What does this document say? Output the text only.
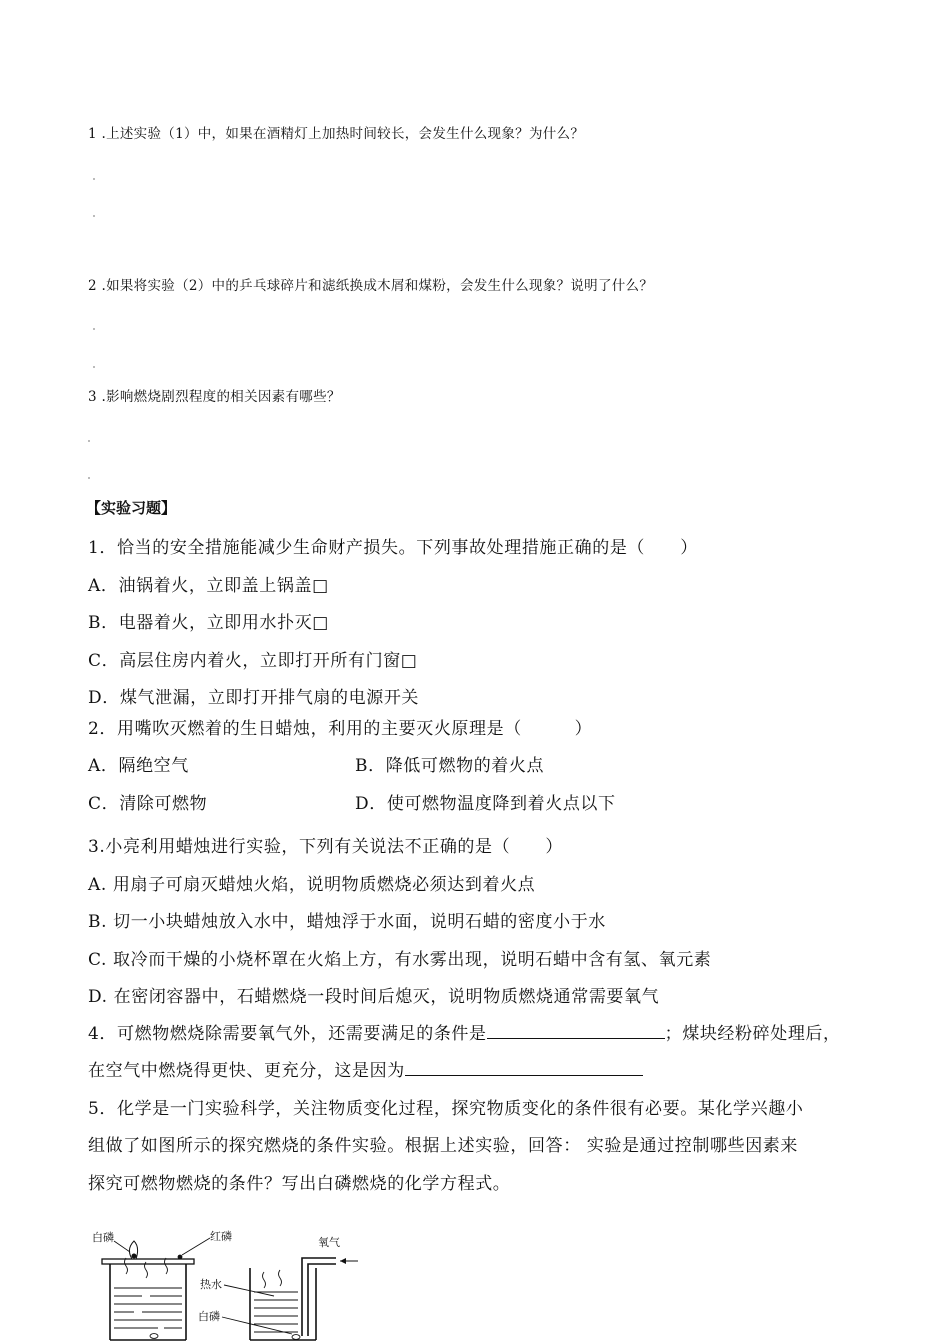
1 .上述实验（1）中，如果在酒精灯上加热时间较长，会发生什么现象？为什么？
2 .如果将实验（2）中的乒乓球碎片和滤纸换成木屑和煤粉，会发生什么现象？说明了什么？
3 .影响燃烧剧烈程度的相关因素有哪些？
【实验习题】
1．恰当的安全措施能减少生命财产损失。下列事故处理措施正确的是（　　）
A．油锅着火，立即盖上锅盖□
B．电器着火，立即用水扑灭□
C．高层住房内着火，立即打开所有门窗□
D．煤气泄漏，立即打开排气扇的电源开关
2．用嘴吹灭燃着的生日蜡烛，利用的主要灭火原理是（　　　）
A．隔绝空气	B．降低可燃物的着火点
C．清除可燃物	D．使可燃物温度降到着火点以下
3.小亮利用蜡烛进行实验，下列有关说法不正确的是（　　）
A. 用扇子可扇灭蜡烛火焰，说明物质燃烧必须达到着火点
B. 切一小块蜡烛放入水中，蜡烛浮于水面，说明石蜡的密度小于水
C. 取冷而干燥的小烧杯罩在火焰上方，有水雾出现，说明石蜡中含有氢、氧元素
D. 在密闭容器中，石蜡燃烧一段时间后熄灭，说明物质燃烧通常需要氧气
4．可燃物燃烧除需要氧气外，还需要满足的条件是	；煤块经粉碎处理后，
在空气中燃烧得更快、更充分，这是因为
5．化学是一门实验科学，关注物质变化过程，探究物质变化的条件很有必要。某化学兴趣小
组做了如图所示的探究燃烧的条件实验。根据上述实验，回答： 实验是通过控制哪些因素来
探究可燃物燃烧的条件？写出白磷燃烧的化学方程式。
白磷	红磷	氧气
热水
白磷
